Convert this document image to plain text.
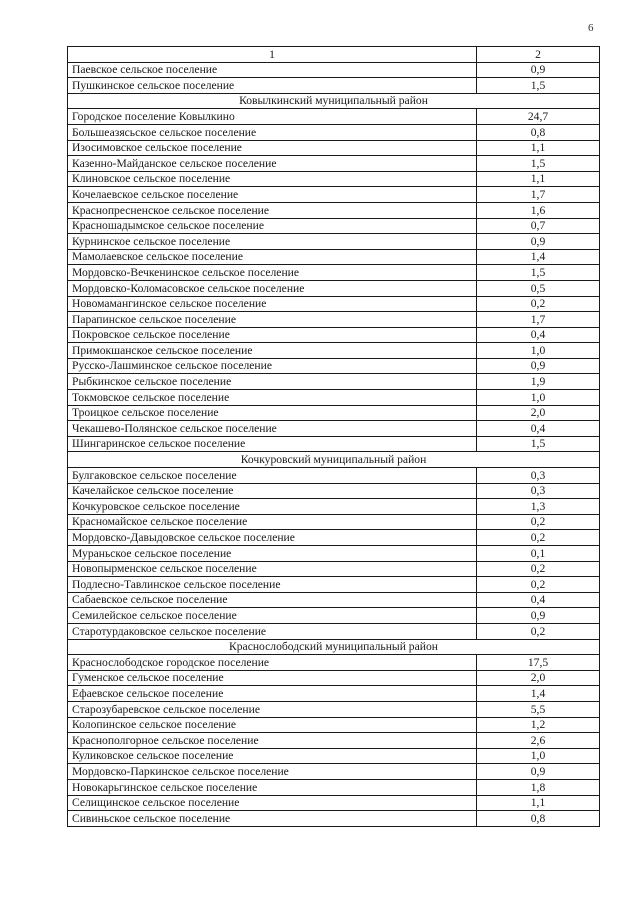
6
1	2
Паевское сельское поселение	0,9
Пушкинское сельское поселение	1,5
Ковылкинский муниципальный район	
Городское поселение Ковылкино	24,7
Большеазясьское сельское поселение	0,8
Изосимовское сельское поселение	1,1
Казенно-Майданское сельское поселение	1,5
Клиновское сельское поселение	1,1
Кочелаевское сельское поселение	1,7
Краснопресненское сельское поселение	1,6
Красношадымское сельское поселение	0,7
Курнинское сельское поселение	0,9
Мамолаевское сельское поселение	1,4
Мордовско-Вечкенинское сельское поселение	1,5
Мордовско-Коломасовское сельское поселение	0,5
Новомамангинское сельское поселение	0,2
Парапинское сельское поселение	1,7
Покровское сельское поселение	0,4
Примокшанское сельское поселение	1,0
Русско-Лашминское сельское поселение	0,9
Рыбкинское сельское поселение	1,9
Токмовское сельское поселение	1,0
Троицкое сельское поселение	2,0
Чекашево-Полянское сельское поселение	0,4
Шингаринское сельское поселение	1,5
Кочкуровский муниципальный район	
Булгаковское сельское поселение	0,3
Качелайское сельское поселение	0,3
Кочкуровское сельское поселение	1,3
Красномайское сельское поселение	0,2
Мордовско-Давыдовское сельское поселение	0,2
Мураньское сельское поселение	0,1
Новопырменское сельское поселение	0,2
Подлесно-Тавлинское сельское поселение	0,2
Сабаевское сельское поселение	0,4
Семилейское сельское поселение	0,9
Старотурдаковское сельское поселение	0,2
Краснослободский муниципальный район	
Краснослободское городское поселение	17,5
Гуменское сельское поселение	2,0
Ефаевское сельское поселение	1,4
Старозубаревское сельское поселение	5,5
Колопинское сельское поселение	1,2
Краснополгорное сельское поселение	2,6
Куликовское сельское поселение	1,0
Мордовско-Паркинское сельское поселение	0,9
Новокарьгинское сельское поселение	1,8
Селищинское сельское поселение	1,1
Сивиньское сельское поселение	0,8
